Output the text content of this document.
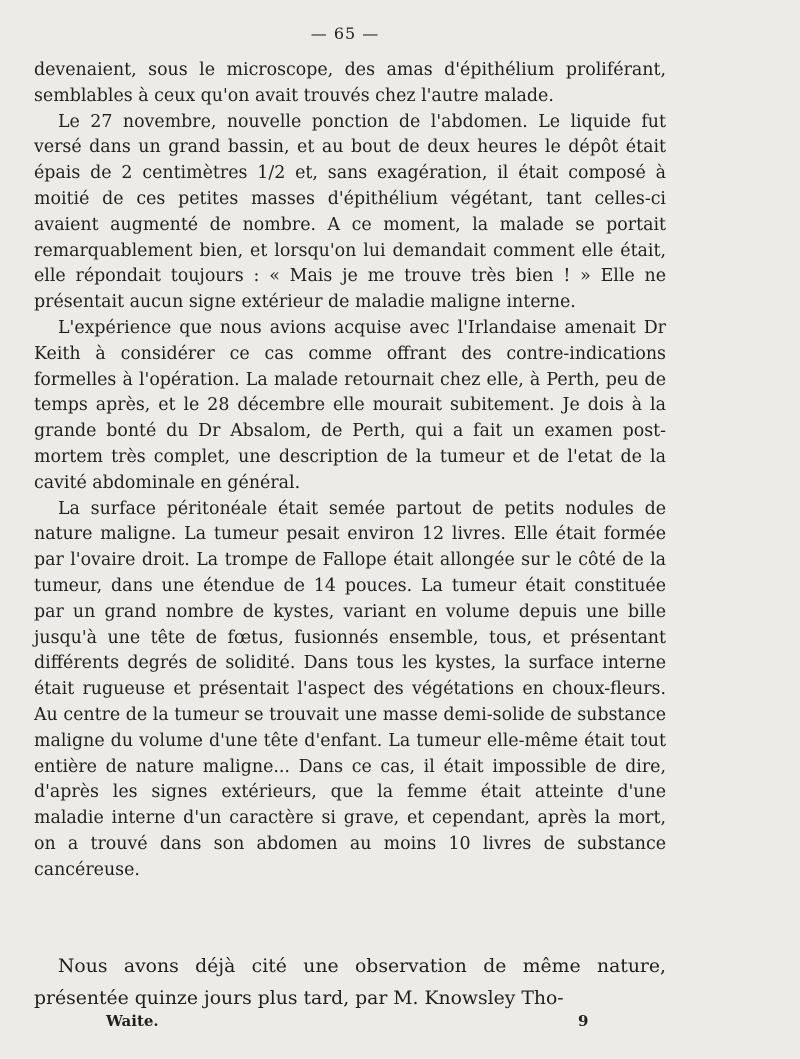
— 65 —

devenaient, sous le microscope, des amas d'épithélium proliférant, semblables à ceux qu'on avait trouvés chez l'autre malade.

Le 27 novembre, nouvelle ponction de l'abdomen. Le liquide fut versé dans un grand bassin, et au bout de deux heures le dépôt était épais de 2 centimètres 1/2 et, sans exagération, il était composé à moitié de ces petites masses d'épithélium végétant, tant celles-ci avaient augmenté de nombre. A ce moment, la malade se portait remarquablement bien, et lorsqu'on lui demandait comment elle était, elle répondait toujours : « Mais je me trouve très bien ! » Elle ne présentait aucun signe extérieur de maladie maligne interne.

L'expérience que nous avions acquise avec l'Irlandaise amenait Dr Keith à considérer ce cas comme offrant des contre-indications formelles à l'opération. La malade retournait chez elle, à Perth, peu de temps après, et le 28 décembre elle mourait subitement. Je dois à la grande bonté du Dr Absalom, de Perth, qui a fait un examen post-mortem très complet, une description de la tumeur et de l'etat de la cavité abdominale en général.

La surface péritonéale était semée partout de petits nodules de nature maligne. La tumeur pesait environ 12 livres. Elle était formée par l'ovaire droit. La trompe de Fallope était allongée sur le côté de la tumeur, dans une étendue de 14 pouces. La tumeur était constituée par un grand nombre de kystes, variant en volume depuis une bille jusqu'à une tête de fœtus, fusionnés ensemble, tous, et présentant différents degrés de solidité. Dans tous les kystes, la surface interne était rugueuse et présentait l'aspect des végétations en choux-fleurs. Au centre de la tumeur se trouvait une masse demi-solide de substance maligne du volume d'une tête d'enfant. La tumeur elle-même était tout entière de nature maligne... Dans ce cas, il était impossible de dire, d'après les signes extérieurs, que la femme était atteinte d'une maladie interne d'un caractère si grave, et cependant, après la mort, on a trouvé dans son abdomen au moins 10 livres de substance cancéreuse.

Nous avons déjà cité une observation de même nature, présentée quinze jours plus tard, par M. Knowsley Tho-

Waite.	9
